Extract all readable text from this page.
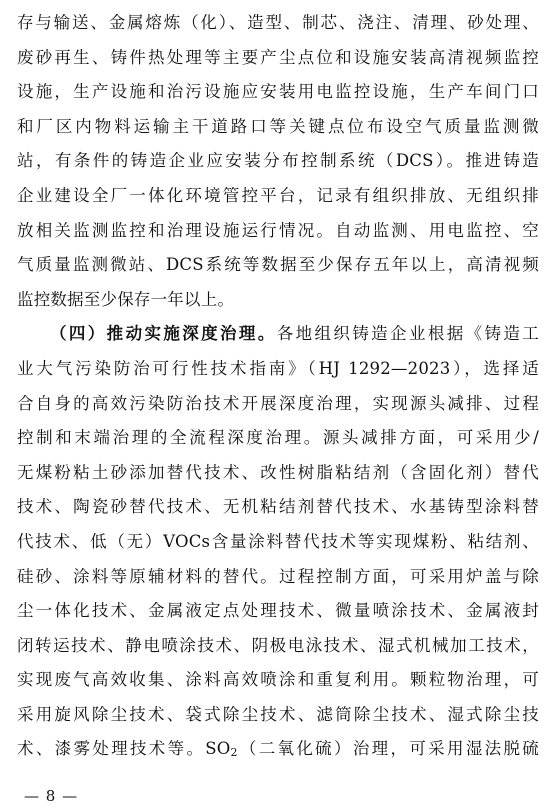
存与输送、金属熔炼（化）、造型、制芯、浇注、清理、砂处理、
废砂再生、铸件热处理等主要产尘点位和设施安装高清视频监控
设施，生产设施和治污设施应安装用电监控设施，生产车间门口
和厂区内物料运输主干道路口等关键点位布设空气质量监测微
站，有条件的铸造企业应安装分布控制系统（DCS）。推进铸造
企业建设全厂一体化环境管控平台，记录有组织排放、无组织排
放相关监测监控和治理设施运行情况。自动监测、用电监控、空
气质量监测微站、DCS系统等数据至少保存五年以上，高清视频
监控数据至少保存一年以上。
（四）推动实施深度治理。各地组织铸造企业根据《铸造工
业大气污染防治可行性技术指南》（HJ 1292—2023），选择适
合自身的高效污染防治技术开展深度治理，实现源头减排、过程
控制和末端治理的全流程深度治理。源头减排方面，可采用少/
无煤粉粘土砂添加替代技术、改性树脂粘结剂（含固化剂）替代
技术、陶瓷砂替代技术、无机粘结剂替代技术、水基铸型涂料替
代技术、低（无）VOCs含量涂料替代技术等实现煤粉、粘结剂、
硅砂、涂料等原辅材料的替代。过程控制方面，可采用炉盖与除
尘一体化技术、金属液定点处理技术、微量喷涂技术、金属液封
闭转运技术、静电喷涂技术、阴极电泳技术、湿式机械加工技术，
实现废气高效收集、涂料高效喷涂和重复利用。颗粒物治理，可
采用旋风除尘技术、袋式除尘技术、滤筒除尘技术、湿式除尘技
术、漆雾处理技术等。$SO_2$（二氧化硫）治理，可采用湿法脱硫
— 8 —
